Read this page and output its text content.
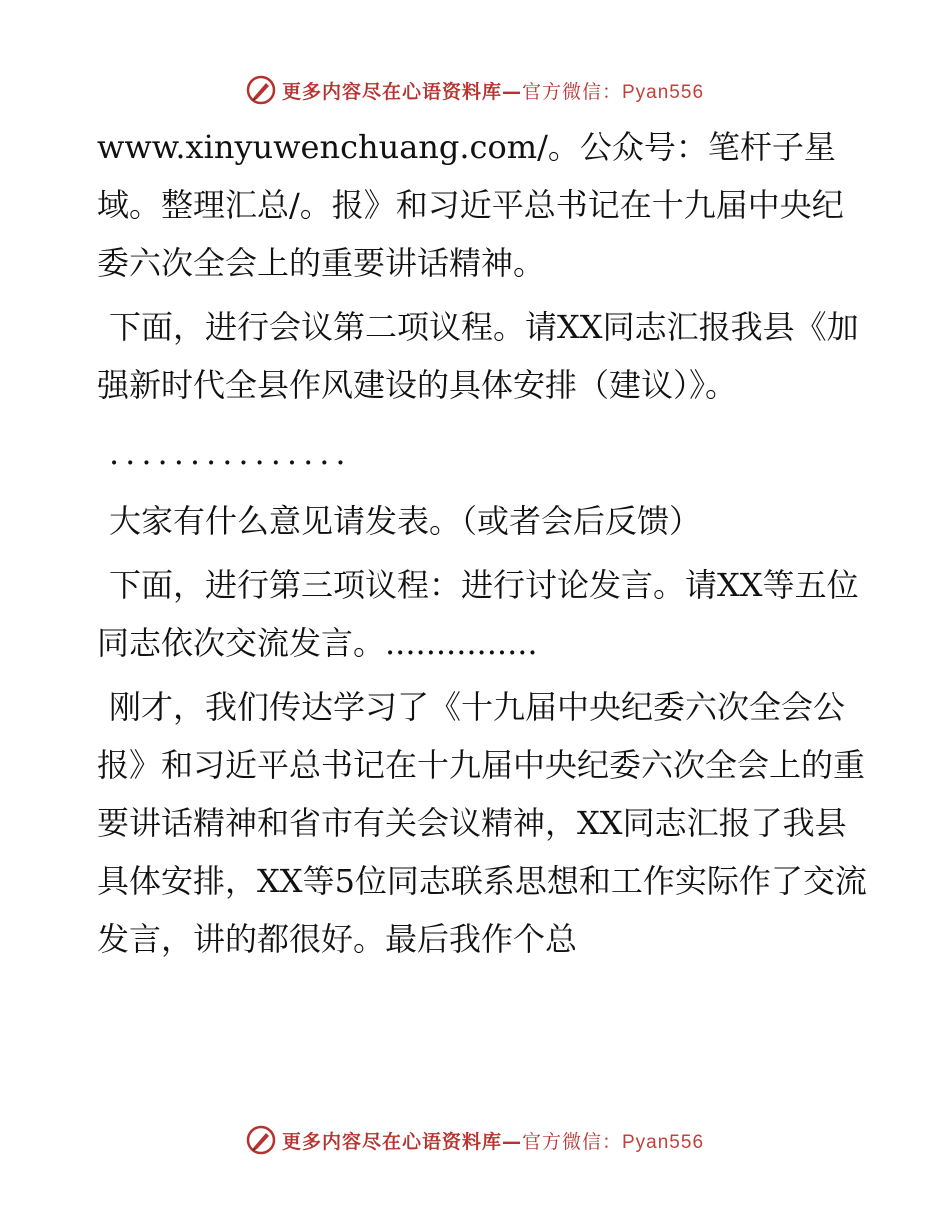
更多内容尽在心语资料库—官方微信：Pyan556

www.xinyuwenchuang.com/。公众号：笔杆子星域。整理汇总/。报》和习近平总书记在十九届中央纪委六次全会上的重要讲话精神。

下面，进行会议第二项议程。请XX同志汇报我县《加强新时代全县作风建设的具体安排（建议）》。

...............

大家有什么意见请发表。（或者会后反馈）

下面，进行第三项议程：进行讨论发言。请XX等五位同志依次交流发言。...............

刚才，我们传达学习了《十九届中央纪委六次全会公报》和习近平总书记在十九届中央纪委六次全会上的重要讲话精神和省市有关会议精神，XX同志汇报了我县具体安排，XX等5位同志联系思想和工作实际作了交流发言，讲的都很好。最后我作个总

更多内容尽在心语资料库—官方微信：Pyan556
